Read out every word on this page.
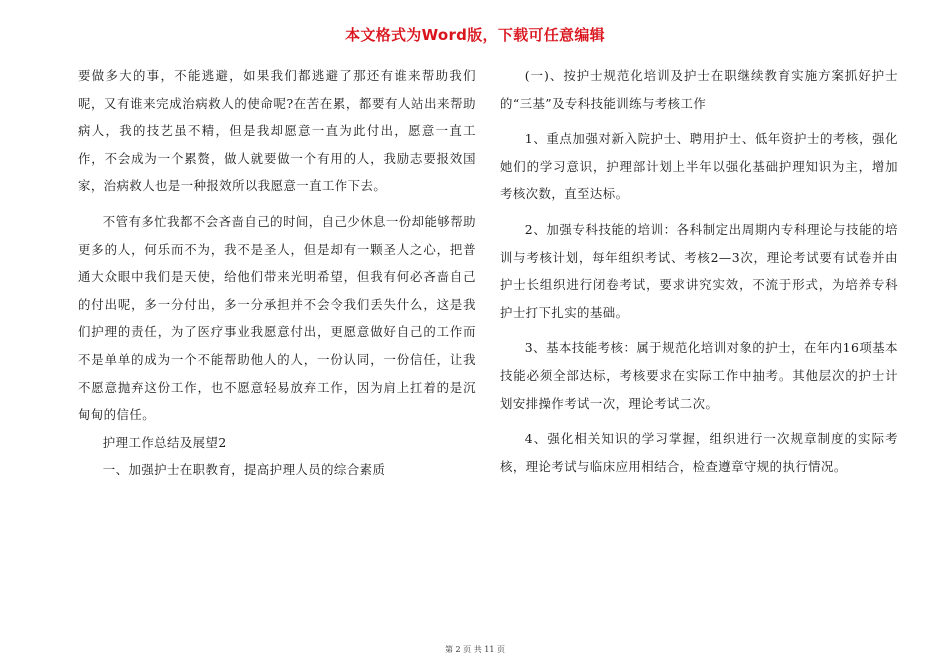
本文格式为Word版，下载可任意编辑

要做多大的事，不能逃避，如果我们都逃避了那还有谁来帮助我们呢，又有谁来完成治病救人的使命呢?在苦在累，都要有人站出来帮助病人，我的技艺虽不精，但是我却愿意一直为此付出，愿意一直工作，不会成为一个累赘，做人就要做一个有用的人，我励志要报效国家，治病救人也是一种报效所以我愿意一直工作下去。

不管有多忙我都不会吝啬自己的时间，自己少休息一份却能够帮助更多的人，何乐而不为，我不是圣人，但是却有一颗圣人之心，把普通大众眼中我们是天使，给他们带来光明希望，但我有何必吝啬自己的付出呢，多一分付出，多一分承担并不会令我们丢失什么，这是我们护理的责任，为了医疗事业我愿意付出，更愿意做好自己的工作而不是单单的成为一个不能帮助他人的人，一份认同，一份信任，让我不愿意抛弃这份工作，也不愿意轻易放弃工作，因为肩上扛着的是沉甸甸的信任。

护理工作总结及展望2

一、加强护士在职教育，提高护理人员的综合素质

(一)、按护士规范化培训及护士在职继续教育实施方案抓好护士的“三基”及专科技能训练与考核工作

1、重点加强对新入院护士、聘用护士、低年资护士的考核，强化她们的学习意识，护理部计划上半年以强化基础护理知识为主，增加考核次数，直至达标。

2、加强专科技能的培训：各科制定出周期内专科理论与技能的培训与考核计划，每年组织考试、考核2—3次，理论考试要有试卷并由护士长组织进行闭卷考试，要求讲究实效，不流于形式，为培养专科护士打下扎实的基础。

3、基本技能考核：属于规范化培训对象的护士，在年内16项基本技能必须全部达标，考核要求在实际工作中抽考。其他层次的护士计划安排操作考试一次，理论考试二次。

4、强化相关知识的学习掌握，组织进行一次规章制度的实际考核，理论考试与临床应用相结合，检查遵章守规的执行情况。

第 2 页 共 11 页
